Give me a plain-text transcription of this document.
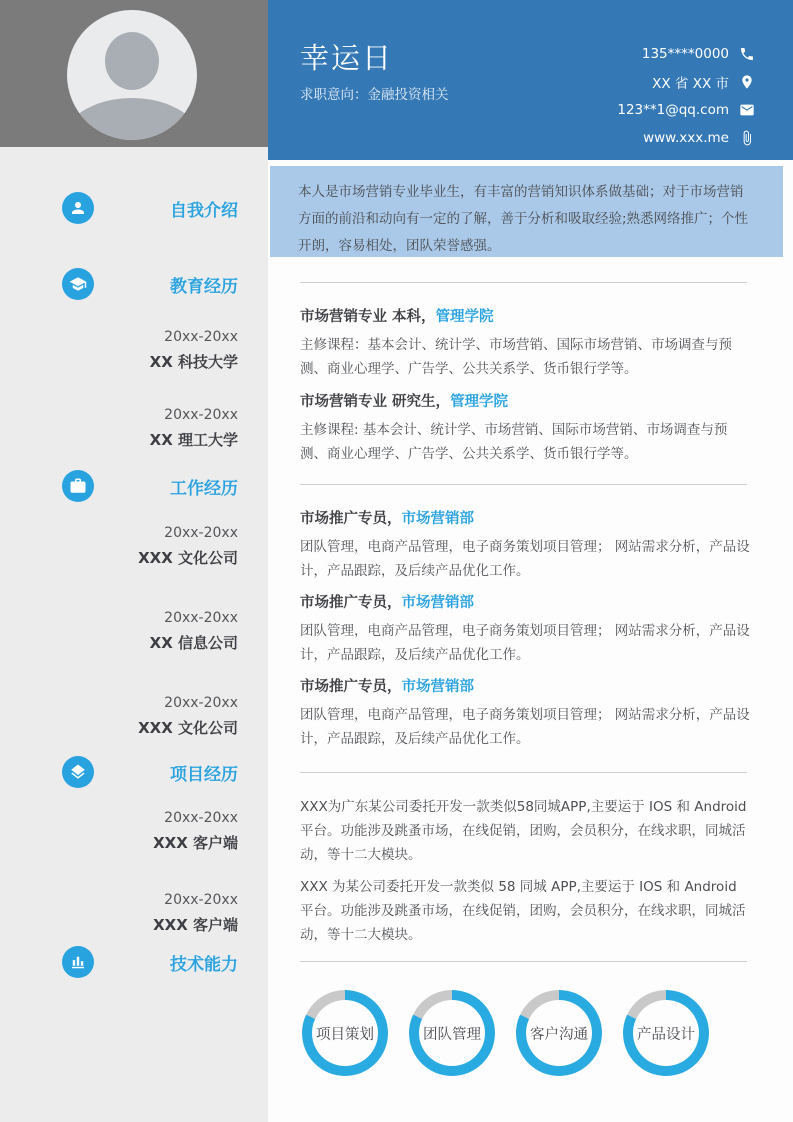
幸运日
求职意向：金融投资相关
135****0000
XX 省 XX 市
123**1@qq.com
www.xxx.me
自我介绍
教育经历
20xx-20xx
XX 科技大学
20xx-20xx
XX 理工大学
工作经历
20xx-20xx
XXX 文化公司
20xx-20xx
XX 信息公司
20xx-20xx
XXX 文化公司
项目经历
20xx-20xx
XXX 客户端
20xx-20xx
XXX 客户端
技术能力
本人是市场营销专业毕业生，有丰富的营销知识体系做基础；对于市场营销方面的前沿和动向有一定的了解，善于分析和吸取经验;熟悉网络推广；个性开朗，容易相处，团队荣誉感强。
市场营销专业 本科，管理学院
主修课程：基本会计、统计学、市场营销、国际市场营销、市场调查与预测、商业心理学、广告学、公共关系学、货币银行学等。
市场营销专业 研究生，管理学院
主修课程: 基本会计、统计学、市场营销、国际市场营销、市场调查与预测、商业心理学、广告学、公共关系学、货币银行学等。
市场推广专员，市场营销部
团队管理，电商产品管理，电子商务策划项目管理； 网站需求分析，产品设计，产品跟踪，及后续产品优化工作。
市场推广专员，市场营销部
团队管理，电商产品管理，电子商务策划项目管理； 网站需求分析，产品设计，产品跟踪，及后续产品优化工作。
市场推广专员，市场营销部
团队管理，电商产品管理，电子商务策划项目管理； 网站需求分析，产品设计，产品跟踪，及后续产品优化工作。
XXX为广东某公司委托开发一款类似58同城APP,主要运于 IOS 和 Android 平台。功能涉及跳蚤市场，在线促销，团购，会员积分，在线求职，同城活动，等十二大模块。
XXX 为某公司委托开发一款类似 58 同城 APP,主要运于 IOS 和 Android 平台。功能涉及跳蚤市场，在线促销，团购，会员积分，在线求职，同城活动，等十二大模块。
项目策划	团队管理	客户沟通	产品设计
